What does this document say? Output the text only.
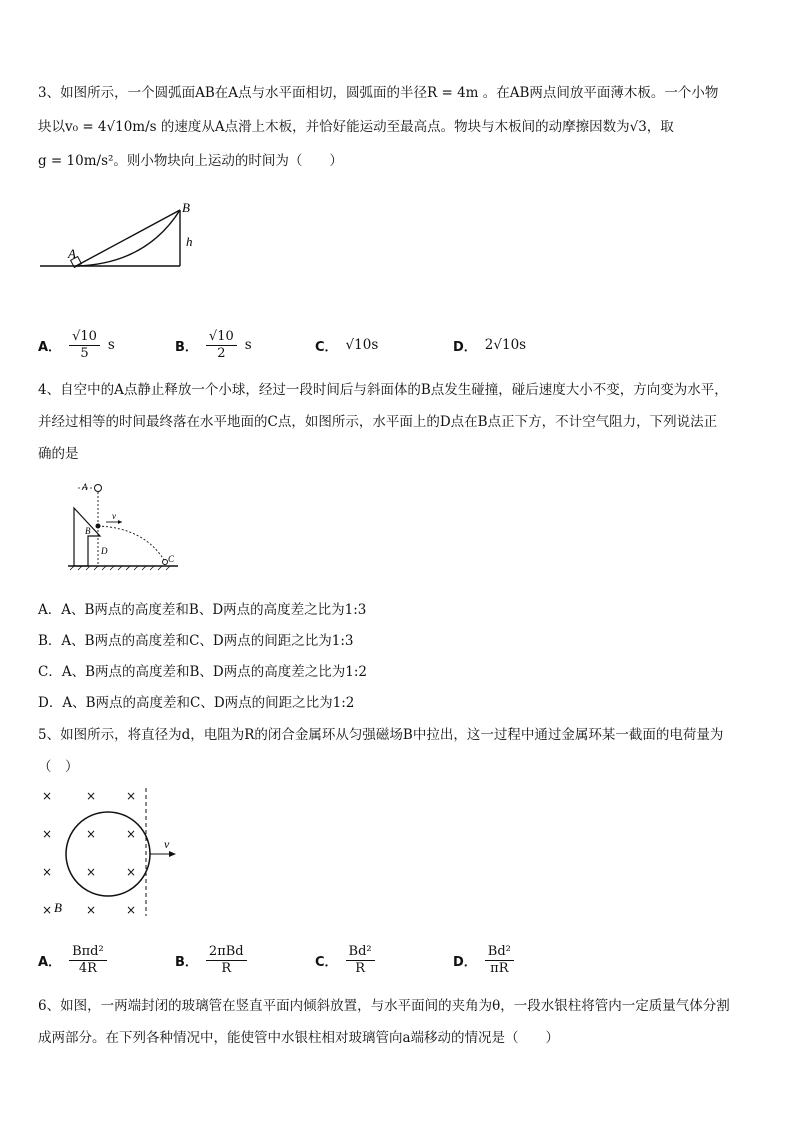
3、如图所示，一个圆弧面AB在A点与水平面相切，圆弧面的半径R = 4m 。在AB两点间放平面薄木板。一个小物
块以v₀ = 4√10m/s 的速度从A点滑上木板，并恰好能运动至最高点。物块与木板间的动摩擦因数为√3，取
g = 10m/s²。则小物块向上运动的时间为（　　）
A
B
h
A． $\frac{√10}{5}$ s	B． $\frac{√10}{2}$ s	C． √10s	D． 2√10s
4、自空中的A点静止释放一个小球，经过一段时间后与斜面体的B点发生碰撞，碰后速度大小不变，方向变为水平，
并经过相等的时间最终落在水平地面的C点，如图所示，水平面上的D点在B点正下方，不计空气阻力，下列说法正
确的是
A
B
v
D
C
A．A、B两点的高度差和B、D两点的高度差之比为1:3
B．A、B两点的高度差和C、D两点的间距之比为1:3
C．A、B两点的高度差和B、D两点的高度差之比为1:2
D．A、B两点的高度差和C、D两点的间距之比为1:2
5、如图所示，将直径为d，电阻为R的闭合金属环从匀强磁场B中拉出，这一过程中通过金属环某一截面的电荷量为
（　）
×	× ×
×	× ×
×	× ×
×	× ×
v
B
A． $\frac{\text{Bπd²}}{4R}$	B． $\frac{\text{2πBd}}{R}$	C． $\frac{\text{Bd²}}{R}$	D． $\frac{\text{Bd²}}{\pi R}$
6、如图，一两端封闭的玻璃管在竖直平面内倾斜放置，与水平面间的夹角为θ，一段水银柱将管内一定质量气体分割
成两部分。在下列各种情况中，能使管中水银柱相对玻璃管向a端移动的情况是（　　）
